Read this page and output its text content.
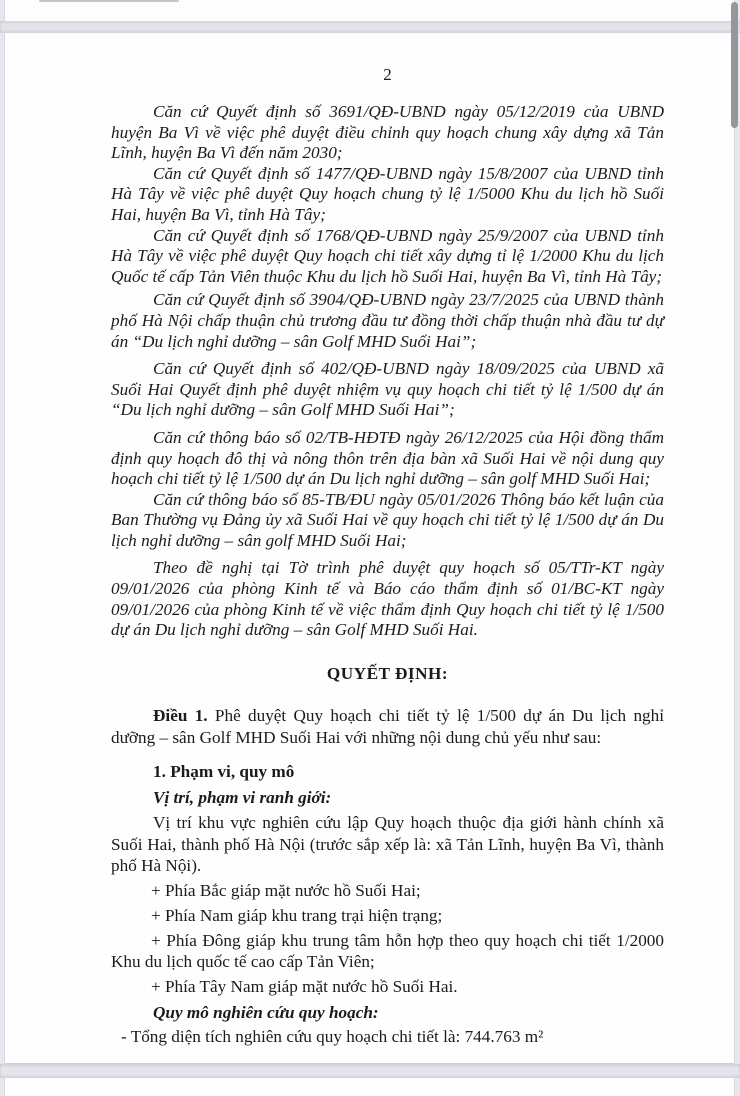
2

Căn cứ Quyết định số 3691/QĐ-UBND ngày 05/12/2019 của UBND huyện Ba Vì về việc phê duyệt điều chỉnh quy hoạch chung xây dựng xã Tản Lĩnh, huyện Ba Vì đến năm 2030;

Căn cứ Quyết định số 1477/QĐ-UBND ngày 15/8/2007 của UBND tỉnh Hà Tây về việc phê duyệt Quy hoạch chung tỷ lệ 1/5000 Khu du lịch hồ Suối Hai, huyện Ba Vì, tỉnh Hà Tây;

Căn cứ Quyết định số 1768/QĐ-UBND ngày 25/9/2007 của UBND tỉnh Hà Tây về việc phê duyệt Quy hoạch chi tiết xây dựng tỉ lệ 1/2000 Khu du lịch Quốc tế cấp Tản Viên thuộc Khu du lịch hồ Suối Hai, huyện Ba Vì, tỉnh Hà Tây;

Căn cứ Quyết định số 3904/QĐ-UBND ngày 23/7/2025 của UBND thành phố Hà Nội chấp thuận chủ trương đầu tư đồng thời chấp thuận nhà đầu tư dự án “Du lịch nghỉ dưỡng – sân Golf MHD Suối Hai”;

Căn cứ Quyết định số 402/QĐ-UBND ngày 18/09/2025 của UBND xã Suối Hai Quyết định phê duyệt nhiệm vụ quy hoạch chi tiết tỷ lệ 1/500 dự án “Du lịch nghỉ dưỡng – sân Golf MHD Suối Hai”;

Căn cứ thông báo số 02/TB-HĐTĐ ngày 26/12/2025 của Hội đồng thẩm định quy hoạch đô thị và nông thôn trên địa bàn xã Suối Hai về nội dung quy hoạch chi tiết tỷ lệ 1/500 dự án Du lịch nghỉ dưỡng – sân golf MHD Suối Hai;

Căn cứ thông báo số 85-TB/ĐU ngày 05/01/2026 Thông báo kết luận của Ban Thường vụ Đảng ủy xã Suối Hai về quy hoạch chi tiết tỷ lệ 1/500 dự án Du lịch nghỉ dưỡng – sân golf MHD Suối Hai;

Theo đề nghị tại Tờ trình phê duyệt quy hoạch số 05/TTr-KT ngày 09/01/2026 của phòng Kinh tế và Báo cáo thẩm định số 01/BC-KT ngày 09/01/2026 của phòng Kinh tế về việc thẩm định Quy hoạch chi tiết tỷ lệ 1/500 dự án Du lịch nghỉ dưỡng – sân Golf MHD Suối Hai.

QUYẾT ĐỊNH:

Điều 1. Phê duyệt Quy hoạch chi tiết tỷ lệ 1/500 dự án Du lịch nghỉ dưỡng – sân Golf MHD Suối Hai với những nội dung chủ yếu như sau:

1. Phạm vi, quy mô

Vị trí, phạm vi ranh giới:

Vị trí khu vực nghiên cứu lập Quy hoạch thuộc địa giới hành chính xã Suối Hai, thành phố Hà Nội (trước sắp xếp là: xã Tản Lĩnh, huyện Ba Vì, thành phố Hà Nội).

+ Phía Bắc giáp mặt nước hồ Suối Hai;

+ Phía Nam giáp khu trang trại hiện trạng;

+ Phía Đông giáp khu trung tâm hỗn hợp theo quy hoạch chi tiết 1/2000 Khu du lịch quốc tế cao cấp Tản Viên;

+ Phía Tây Nam giáp mặt nước hồ Suối Hai.

Quy mô nghiên cứu quy hoạch:

- Tổng diện tích nghiên cứu quy hoạch chi tiết là: 744.763 m²
